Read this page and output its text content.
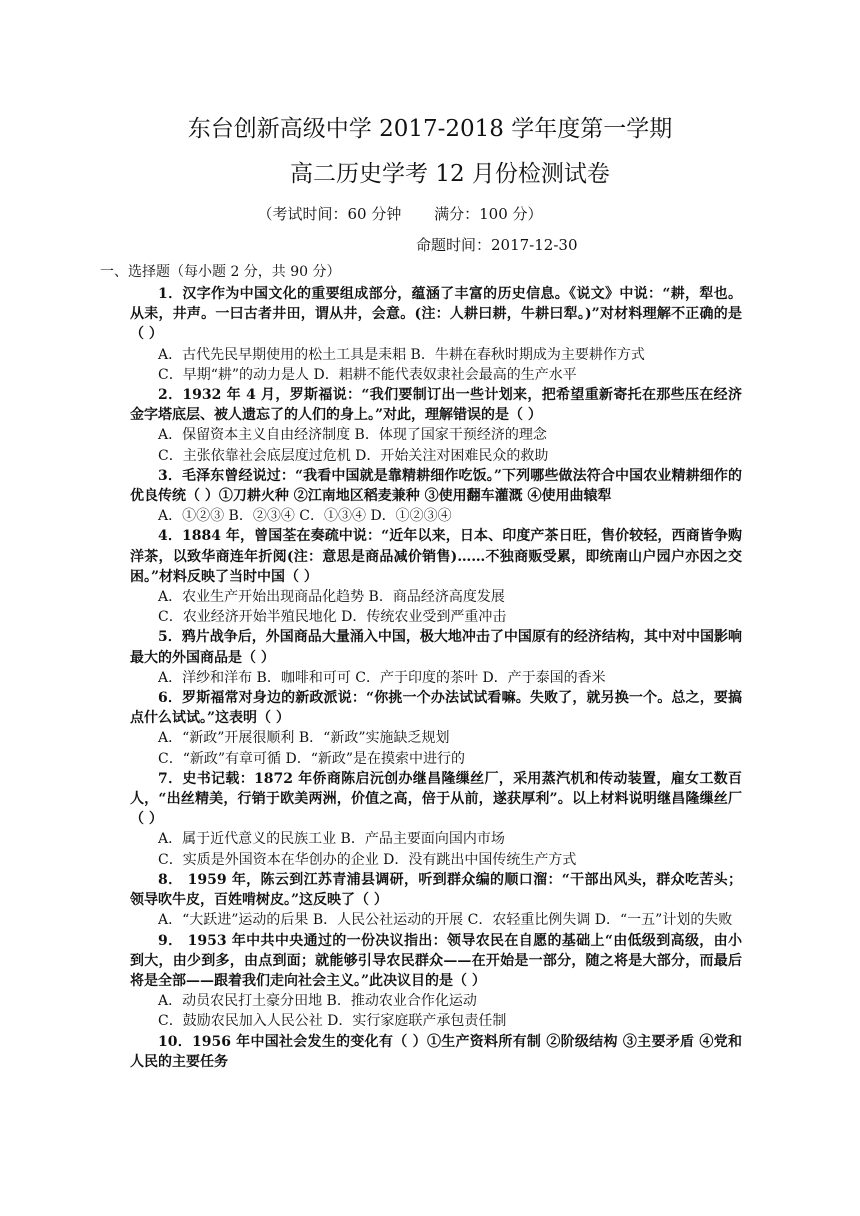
东台创新高级中学 2017-2018 学年度第一学期
高二历史学考 12 月份检测试卷
（考试时间：60 分钟 满分：100 分）
命题时间：2017-12-30
一、选择题（每小题 2 分，共 90 分）

1．汉字作为中国文化的重要组成部分，蕴涵了丰富的历史信息。《说文》中说：“耕，犁也。从耒，井声。一曰古者井田，谓从井，会意。(注：人耕曰耕，牛耕曰犁。)”对材料理解不正确的是（ ）

A．古代先民早期使用的松土工具是耒耜 B．牛耕在春秋时期成为主要耕作方式

C．早期“耕”的动力是人 D．耜耕不能代表奴隶社会最高的生产水平

2．1932 年 4 月，罗斯福说：“我们要制订出一些计划来，把希望重新寄托在那些压在经济金字塔底层、被人遗忘了的人们的身上。”对此，理解错误的是（ ）

A．保留资本主义自由经济制度 B．体现了国家干预经济的理念

C．主张依靠社会底层度过危机 D．开始关注对困难民众的救助

3．毛泽东曾经说过：“我看中国就是靠精耕细作吃饭。”下列哪些做法符合中国农业精耕细作的优良传统（ ）①刀耕火种 ②江南地区稻麦兼种 ③使用翻车灌溉 ④使用曲辕犁

A．①②③ B．②③④ C．①③④ D．①②③④

4．1884 年，曾国荃在奏疏中说：“近年以来，日本、印度产茶日旺，售价较轻，西商皆争购洋茶，以致华商连年折阅(注：意思是商品减价销售)……不独商贩受累，即统南山户园户亦因之交困。”材料反映了当时中国（ ）

A．农业生产开始出现商品化趋势 B．商品经济高度发展

C．农业经济开始半殖民地化 D．传统农业受到严重冲击

5．鸦片战争后，外国商品大量涌入中国，极大地冲击了中国原有的经济结构，其中对中国影响最大的外国商品是（ ）

A．洋纱和洋布 B．咖啡和可可 C．产于印度的茶叶 D．产于泰国的香米

6．罗斯福常对身边的新政派说：“你挑一个办法试试看嘛。失败了，就另换一个。总之，要搞点什么试试。”这表明（ ）

A．“新政”开展很顺利 B．“新政”实施缺乏规划

C．“新政”有章可循 D．“新政”是在摸索中进行的

7．史书记载：1872 年侨商陈启沅创办继昌隆缫丝厂，采用蒸汽机和传动装置，雇女工数百人，“出丝精美，行销于欧美两洲，价值之高，倍于从前，遂获厚利”。以上材料说明继昌隆缫丝厂（ ）

A．属于近代意义的民族工业 B．产品主要面向国内市场

C．实质是外国资本在华创办的企业 D．没有跳出中国传统生产方式

8． 1959 年，陈云到江苏青浦县调研，听到群众编的顺口溜：“干部出风头，群众吃苦头；领导吹牛皮，百姓啃树皮。”这反映了（ ）

A．“大跃进”运动的后果 B．人民公社运动的开展 C．农轻重比例失调 D．“一五”计划的失败

9． 1953 年中共中央通过的一份决议指出：领导农民在自愿的基础上“由低级到高级，由小到大，由少到多，由点到面；就能够引导农民群众——在开始是一部分，随之将是大部分，而最后将是全部——跟着我们走向社会主义。”此决议目的是（ ）

A．动员农民打土豪分田地 B．推动农业合作化运动

C．鼓励农民加入人民公社 D．实行家庭联产承包责任制

10．1956 年中国社会发生的变化有（ ）①生产资料所有制 ②阶级结构 ③主要矛盾 ④党和人民的主要任务
